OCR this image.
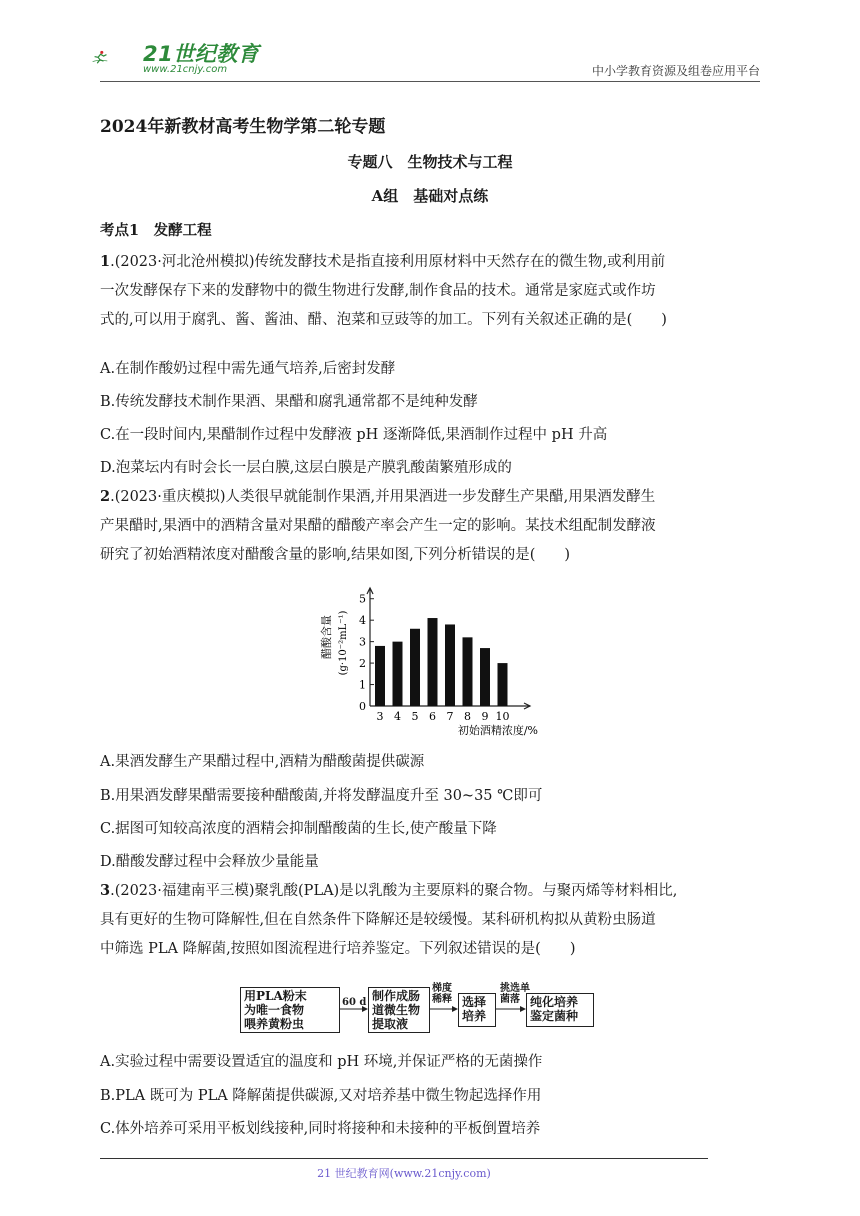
21世纪教育
www.21cnjy.com	中小学教育资源及组卷应用平台
2024年新教材高考生物学第二轮专题
专题八　生物技术与工程
A组　基础对点练
考点1　发酵工程
1.(2023·河北沧州模拟)传统发酵技术是指直接利用原材料中天然存在的微生物,或利用前
一次发酵保存下来的发酵物中的微生物进行发酵,制作食品的技术。通常是家庭式或作坊
式的,可以用于腐乳、酱、酱油、醋、泡菜和豆豉等的加工。下列有关叙述正确的是(　　)
A.在制作酸奶过程中需先通气培养,后密封发酵
B.传统发酵技术制作果酒、果醋和腐乳通常都不是纯种发酵
C.在一段时间内,果醋制作过程中发酵液 pH 逐渐降低,果酒制作过程中 pH 升高
D.泡菜坛内有时会长一层白膜,这层白膜是产膜乳酸菌繁殖形成的
2.(2023·重庆模拟)人类很早就能制作果酒,并用果酒进一步发酵生产果醋,用果酒发酵生
产果醋时,果酒中的酒精含量对果醋的醋酸产率会产生一定的影响。某技术组配制发酵液
研究了初始酒精浓度对醋酸含量的影响,结果如图,下列分析错误的是(　　)
1
2
3
4
5
0
3 4 5 6 7 8 9 10
初始酒精浓度/%
醋酸含量 (g·10⁻²mL⁻¹)
A.果酒发酵生产果醋过程中,酒精为醋酸菌提供碳源
B.用果酒发酵果醋需要接种醋酸菌,并将发酵温度升至 30~35 ℃即可
C.据图可知较高浓度的酒精会抑制醋酸菌的生长,使产酸量下降
D.醋酸发酵过程中会释放少量能量
3.(2023·福建南平三模)聚乳酸(PLA)是以乳酸为主要原料的聚合物。与聚丙烯等材料相比,
具有更好的生物可降解性,但在自然条件下降解还是较缓慢。某科研机构拟从黄粉虫肠道
中筛选 PLA 降解菌,按照如图流程进行培养鉴定。下列叙述错误的是(　　)
用PLA粉末
为唯一食物
喂养黄粉虫
60 d 制作成肠
道微生物
提取液
梯度
稀释 选择
培养
挑选单
菌落 纯化培养
鉴定菌种
A.实验过程中需要设置适宜的温度和 pH 环境,并保证严格的无菌操作
B.PLA 既可为 PLA 降解菌提供碳源,又对培养基中微生物起选择作用
C.体外培养可采用平板划线接种,同时将接种和未接种的平板倒置培养
21 世纪教育网(www.21cnjy.com)
